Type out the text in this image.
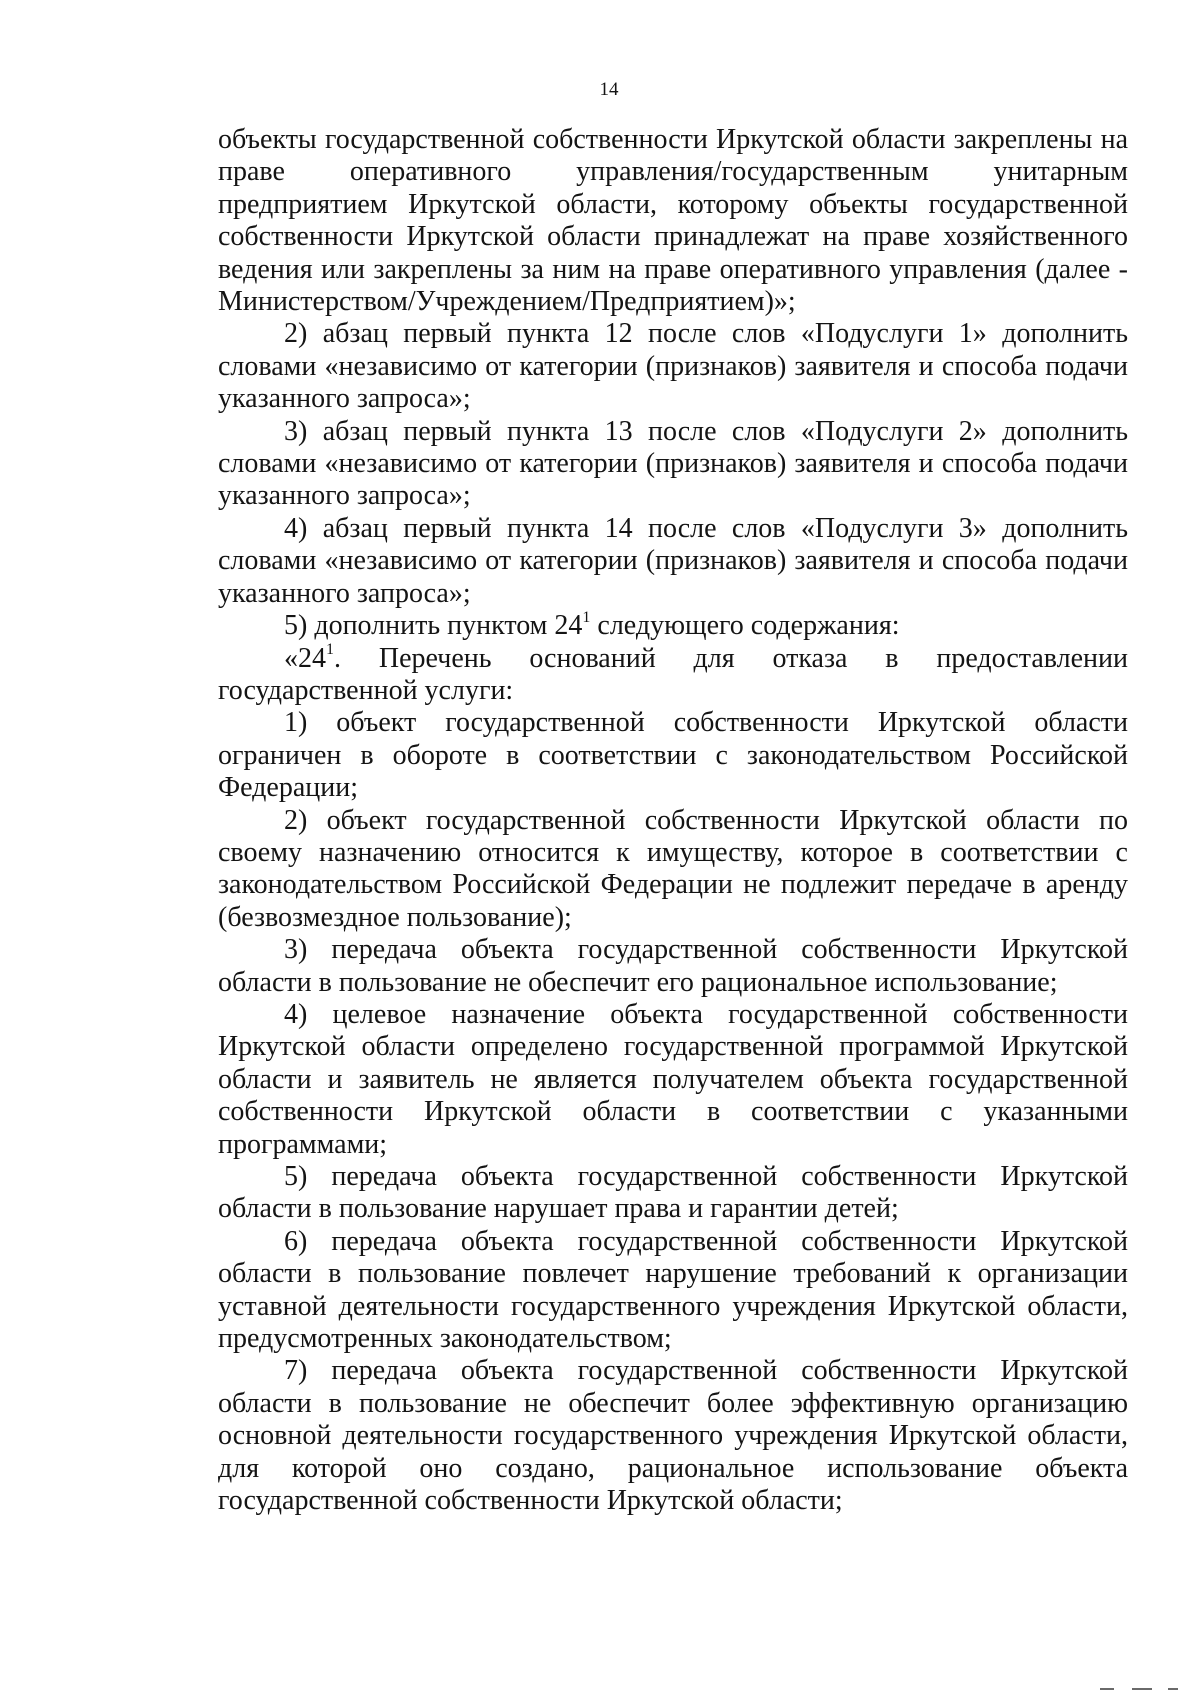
14

объекты государственной собственности Иркутской области закреплены на праве оперативного управления/государственным унитарным предприятием Иркутской области, которому объекты государственной собственности Иркутской области принадлежат на праве хозяйственного ведения или закреплены за ним на праве оперативного управления (далее - Министерством/Учреждением/Предприятием)»;

2) абзац первый пункта 12 после слов «Подуслуги 1» дополнить словами «независимо от категории (признаков) заявителя и способа подачи указанного запроса»;

3) абзац первый пункта 13 после слов «Подуслуги 2» дополнить словами «независимо от категории (признаков) заявителя и способа подачи указанного запроса»;

4) абзац первый пункта 14 после слов «Подуслуги 3» дополнить словами «независимо от категории (признаков) заявителя и способа подачи указанного запроса»;

5) дополнить пунктом $24^1$ следующего содержания:

«$24^1$. Перечень оснований для отказа в предоставлении государственной услуги:

1) объект государственной собственности Иркутской области ограничен в обороте в соответствии с законодательством Российской Федерации;

2) объект государственной собственности Иркутской области по своему назначению относится к имуществу, которое в соответствии с законодательством Российской Федерации не подлежит передаче в аренду (безвозмездное пользование);

3) передача объекта государственной собственности Иркутской области в пользование не обеспечит его рациональное использование;

4) целевое назначение объекта государственной собственности Иркутской области определено государственной программой Иркутской области и заявитель не является получателем объекта государственной собственности Иркутской области в соответствии с указанными программами;

5) передача объекта государственной собственности Иркутской области в пользование нарушает права и гарантии детей;

6) передача объекта государственной собственности Иркутской области в пользование повлечет нарушение требований к организации уставной деятельности государственного учреждения Иркутской области, предусмотренных законодательством;

7) передача объекта государственной собственности Иркутской области в пользование не обеспечит более эффективную организацию основной деятельности государственного учреждения Иркутской области, для которой оно создано, рациональное использование объекта государственной собственности Иркутской области;
